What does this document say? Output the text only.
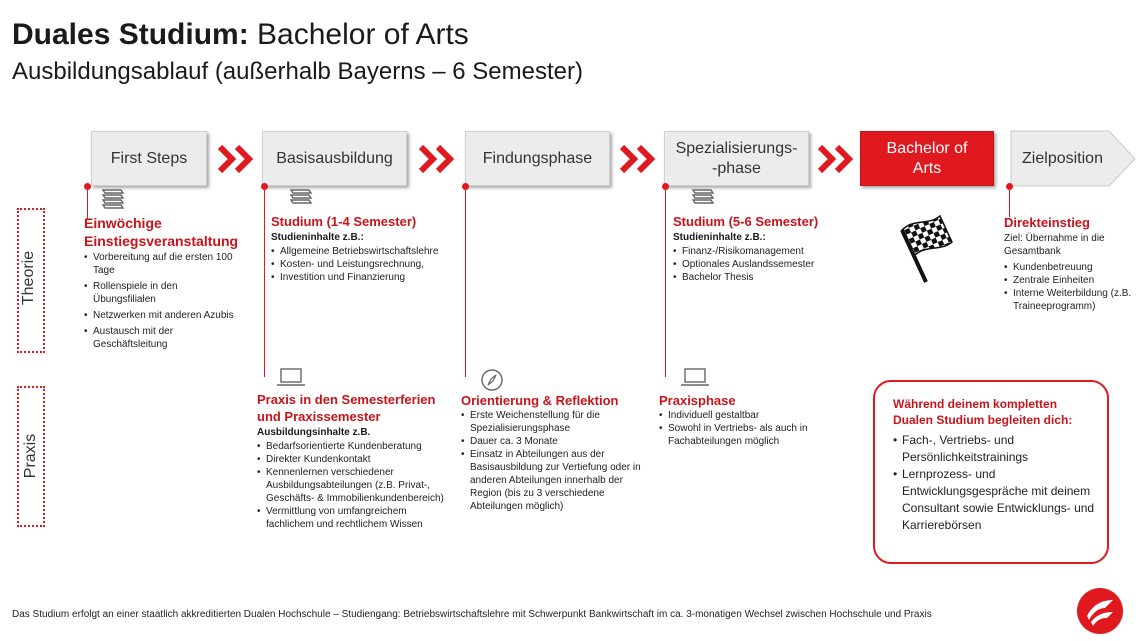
Duales Studium: Bachelor of Arts
Ausbildungsablauf (außerhalb Bayerns – 6 Semester)
First Steps	Basisausbildung	Findungsphase
Spezialisierungs-
-phase
Bachelor of Arts
Zielposition
Theorie
Praxis
Einwöchige Einstiegsveranstaltung
• Vorbereitung auf die ersten 100 Tage
• Rollenspiele in den Übungsfilialen
• Netzwerken mit anderen Azubis
• Austausch mit der Geschäftsleitung
Studium (1-4 Semester)
Studieninhalte z.B.:
• Allgemeine Betriebswirtschaftslehre
• Kosten- und Leistungsrechnung,
• Investition und Finanzierung
Praxis in den Semesterferien und Praxissemester
Ausbildungsinhalte z.B.
• Bedarfsorientierte Kundenberatung
• Direkter Kundenkontakt
• Kennenlernen verschiedener Ausbildungsabteilungen (z.B. Privat-, Geschäfts- & Immobilienkundenbereich)
• Vermittlung von umfangreichem fachlichem und rechtlichem Wissen
Orientierung & Reflektion
• Erste Weichenstellung für die Spezialisierungsphase
• Dauer ca. 3 Monate
• Einsatz in Abteilungen aus der Basisausbildung zur Vertiefung oder in anderen Abteilungen innerhalb der Region (bis zu 3 verschiedene Abteilungen möglich)
Studium (5-6 Semester)
Studieninhalte z.B.:
• Finanz-/Risikomanagement
• Optionales Auslandssemester
• Bachelor Thesis
Praxisphase
• Individuell gestaltbar
• Sowohl in Vertriebs- als auch in Fachabteilungen möglich
Direkteinstieg
Ziel: Übernahme in die Gesamtbank
• Kundenbetreuung
• Zentrale Einheiten
• Interne Weiterbildung (z.B. Traineeprogramm)
Während deinem kompletten Dualen Studium begleiten dich:
• Fach-, Vertriebs- und Persönlichkeitstrainings
• Lernprozess- und Entwicklungsgespräche mit deinem Consultant sowie Entwicklungs- und Karrierebörsen
Das Studium erfolgt an einer staatlich akkreditierten Dualen Hochschule – Studiengang: Betriebswirtschaftslehre mit Schwerpunkt Bankwirtschaft im ca. 3-monatigen Wechsel zwischen Hochschule und Praxis
